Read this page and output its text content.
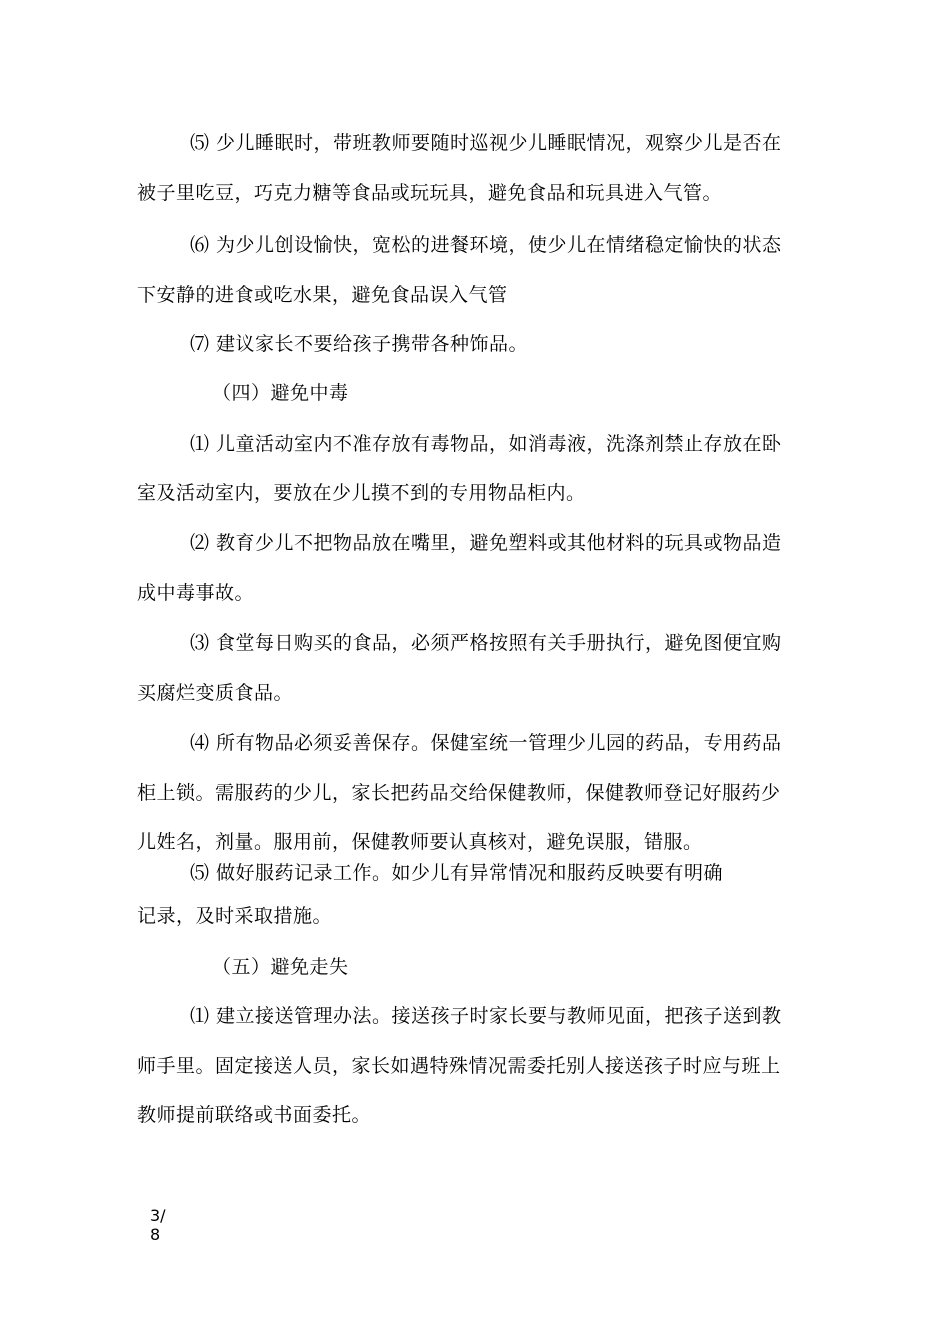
⑸ 少儿睡眠时，带班教师要随时巡视少儿睡眠情况，观察少儿是否在
被子里吃豆，巧克力糖等食品或玩玩具，避免食品和玩具进入气管。
⑹ 为少儿创设愉快，宽松的进餐环境，使少儿在情绪稳定愉快的状态
下安静的进食或吃水果，避免食品误入气管
⑺ 建议家长不要给孩子携带各种饰品。
（四）避免中毒
⑴ 儿童活动室内不准存放有毒物品，如消毒液，洗涤剂禁止存放在卧
室及活动室内，要放在少儿摸不到的专用物品柜内。
⑵ 教育少儿不把物品放在嘴里，避免塑料或其他材料的玩具或物品造
成中毒事故。
⑶ 食堂每日购买的食品，必须严格按照有关手册执行，避免图便宜购
买腐烂变质食品。
⑷ 所有物品必须妥善保存。保健室统一管理少儿园的药品，专用药品
柜上锁。需服药的少儿，家长把药品交给保健教师，保健教师登记好服药少
儿姓名，剂量。服用前，保健教师要认真核对，避免误服，错服。
⑸ 做好服药记录工作。如少儿有异常情况和服药反映要有明确
记录，及时采取措施。
（五）避免走失
⑴ 建立接送管理办法。接送孩子时家长要与教师见面，把孩子送到教
师手里。固定接送人员，家长如遇特殊情况需委托别人接送孩子时应与班上
教师提前联络或书面委托。
3/8
